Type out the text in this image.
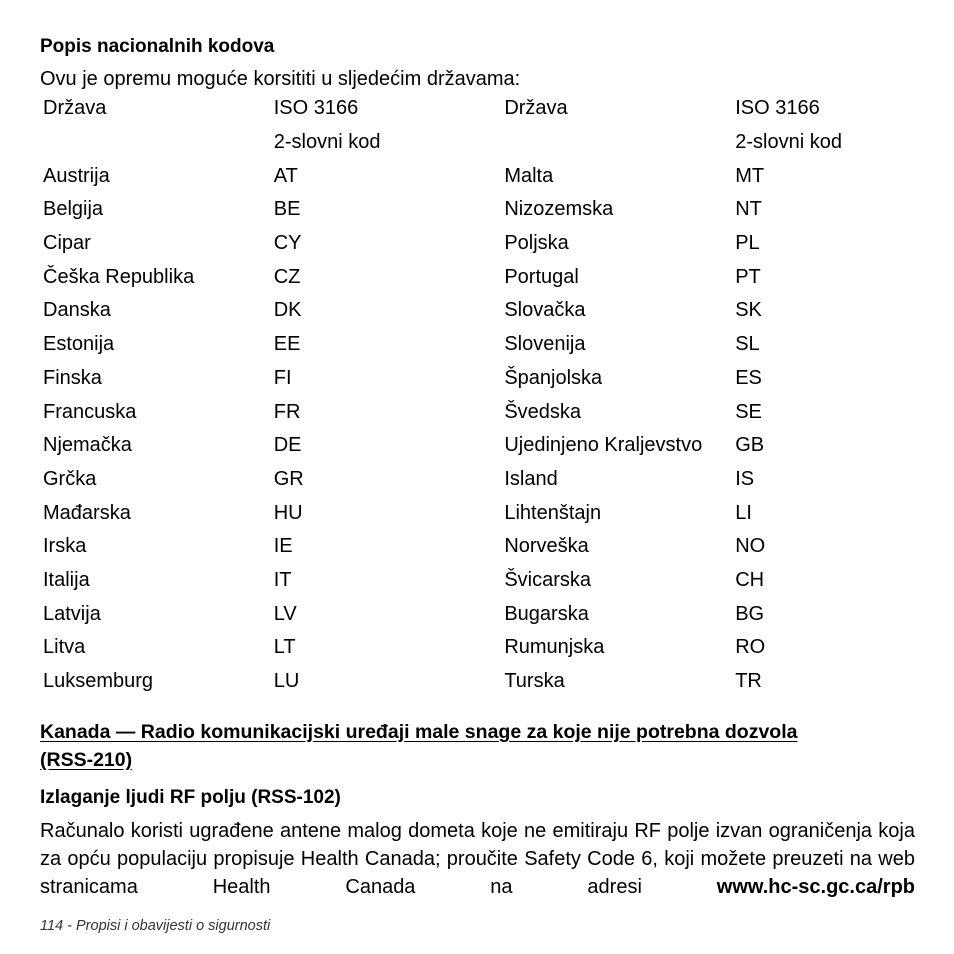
Popis nacionalnih kodova

Ovu je opremu moguće korsititi u sljedećim državama:

Država	ISO 3166	Država	ISO 3166
	2-slovni kod		2-slovni kod
Austrija	AT	Malta	MT
Belgija	BE	Nizozemska	NT
Cipar	CY	Poljska	PL
Češka Republika	CZ	Portugal	PT
Danska	DK	Slovačka	SK
Estonija	EE	Slovenija	SL
Finska	FI	Španjolska	ES
Francuska	FR	Švedska	SE
Njemačka	DE	Ujedinjeno Kraljevstvo	GB
Grčka	GR	Island	IS
Mađarska	HU	Lihtenštajn	LI
Irska	IE	Norveška	NO
Italija	IT	Švicarska	CH
Latvija	LV	Bugarska	BG
Litva	LT	Rumunjska	RO
Luksemburg	LU	Turska	TR

Kanada — Radio komunikacijski uređaji male snage za koje nije potrebna dozvola
(RSS-210)

Izlaganje ljudi RF polju (RSS-102)

Računalo koristi ugrađene antene malog dometa koje ne emitiraju RF polje izvan ograničenja koja za opću populaciju propisuje Health Canada; proučite Safety Code 6, koji možete preuzeti na web stranicama Health Canada na adresi	www.hc-sc.gc.ca/rpb

114 - Propisi i obavijesti o sigurnosti
